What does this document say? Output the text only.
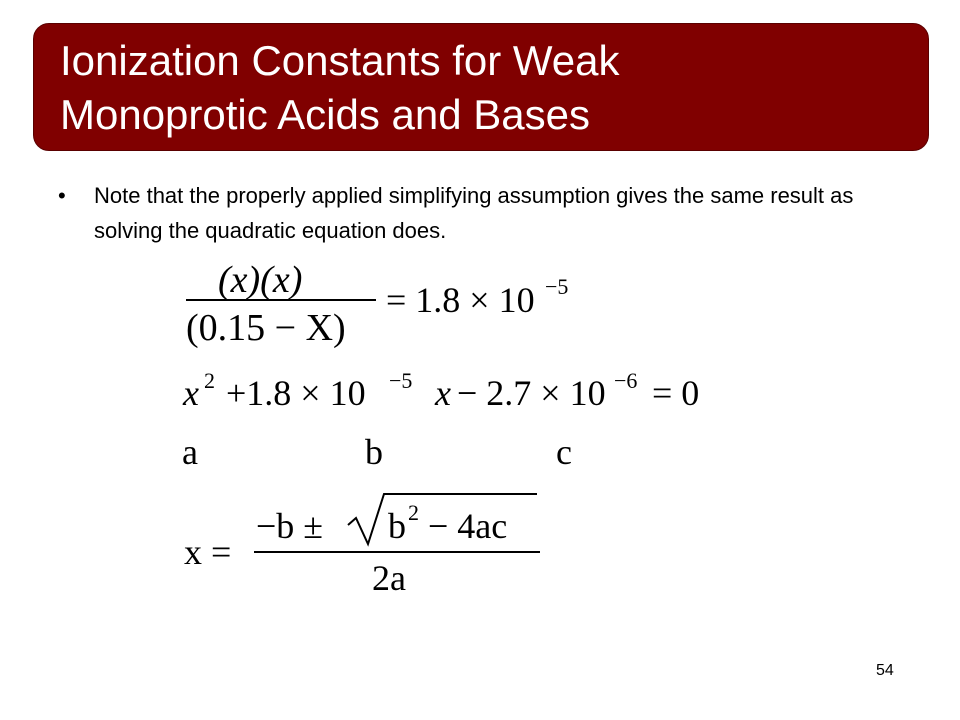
Ionization Constants for Weak
Monoprotic Acids and Bases
• Note that the properly applied simplifying assumption gives the same result as solving the quadratic equation does.
(x)(x)
(0.15 − X)
= 1.8 × 10 −5
x 2 +1.8 × 10 −5 x − 2.7 × 10 −6 = 0
a	b	c
x =
−b ± b 2 − 4ac
2a
54
